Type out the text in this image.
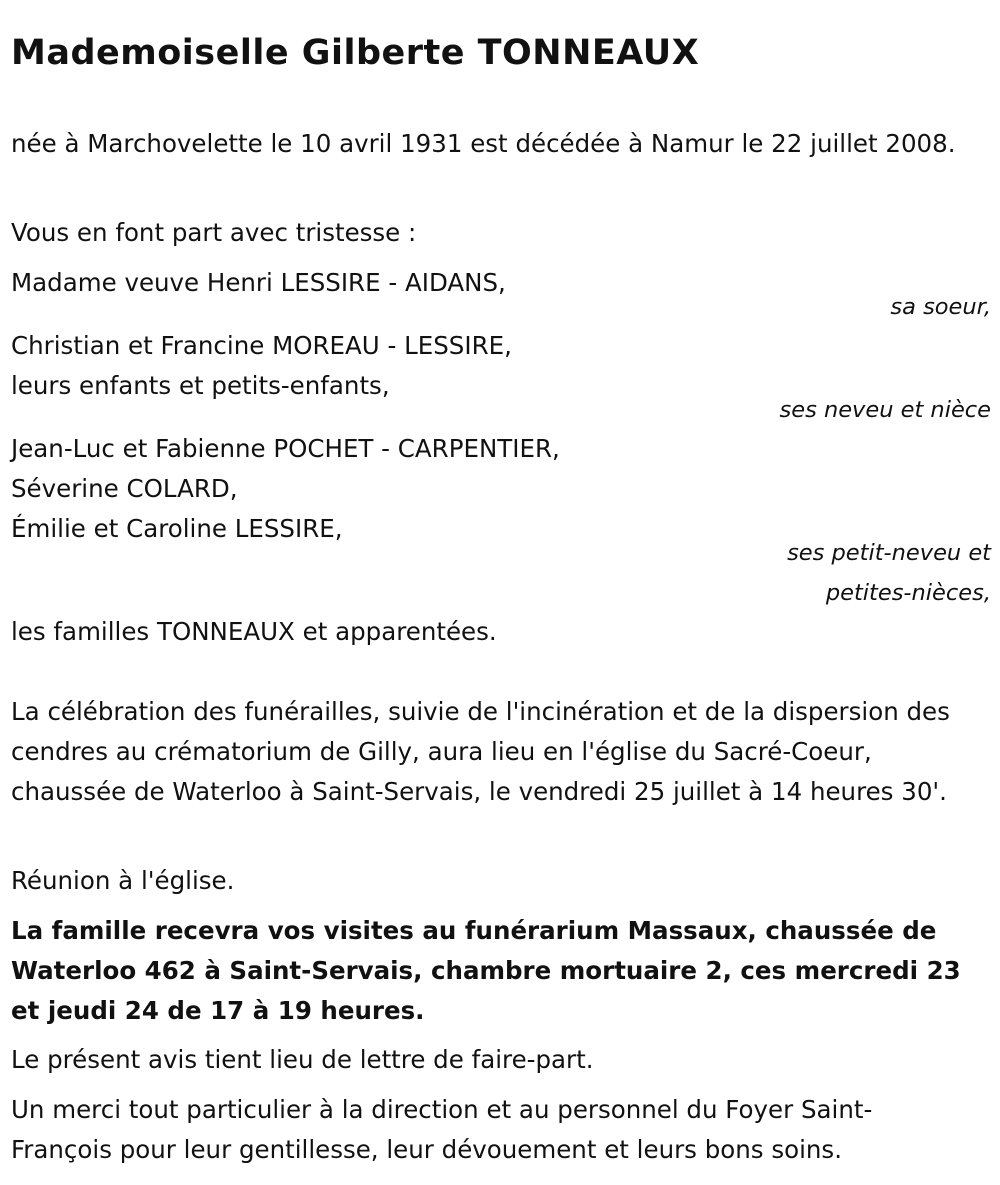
Mademoiselle Gilberte TONNEAUX

née à Marchovelette le 10 avril 1931 est décédée à Namur le 22 juillet 2008.

Vous en font part avec tristesse :
Madame veuve Henri LESSIRE - AIDANS,
sa soeur,
Christian et Francine MOREAU - LESSIRE,
leurs enfants et petits-enfants,
ses neveu et nièce
Jean-Luc et Fabienne POCHET - CARPENTIER,
Séverine COLARD,
Émilie et Caroline LESSIRE,
ses petit-neveu et
petites-nièces,
les familles TONNEAUX et apparentées.

La célébration des funérailles, suivie de l'incinération et de la dispersion des cendres au crématorium de Gilly, aura lieu en l'église du Sacré-Coeur, chaussée de Waterloo à Saint-Servais, le vendredi 25 juillet à 14 heures 30'.

Réunion à l'église.

La famille recevra vos visites au funérarium Massaux, chaussée de Waterloo 462 à Saint-Servais, chambre mortuaire 2, ces mercredi 23 et jeudi 24 de 17 à 19 heures.

Le présent avis tient lieu de lettre de faire-part.

Un merci tout particulier à la direction et au personnel du Foyer Saint-François pour leur gentillesse, leur dévouement et leurs bons soins.
